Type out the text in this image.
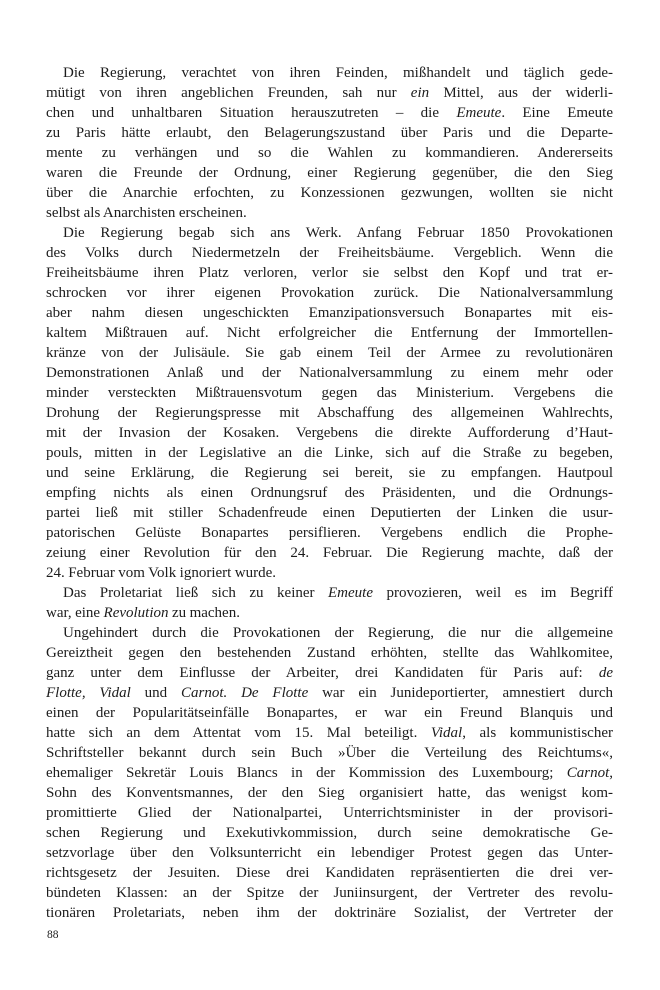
Die Regierung, verachtet von ihren Feinden, mißhandelt und täglich gede-
mütigt von ihren angeblichen Freunden, sah nur ein Mittel, aus der widerli-
chen und unhaltbaren Situation herauszutreten – die Emeute. Eine Emeute
zu Paris hätte erlaubt, den Belagerungszustand über Paris und die Departe-
mente zu verhängen und so die Wahlen zu kommandieren. Andererseits
waren die Freunde der Ordnung, einer Regierung gegenüber, die den Sieg
über die Anarchie erfochten, zu Konzessionen gezwungen, wollten sie nicht
selbst als Anarchisten erscheinen.
Die Regierung begab sich ans Werk. Anfang Februar 1850 Provokationen
des Volks durch Niedermetzeln der Freiheitsbäume. Vergeblich. Wenn die
Freiheitsbäume ihren Platz verloren, verlor sie selbst den Kopf und trat er-
schrocken vor ihrer eigenen Provokation zurück. Die Nationalversammlung
aber nahm diesen ungeschickten Emanzipationsversuch Bonapartes mit eis-
kaltem Mißtrauen auf. Nicht erfolgreicher die Entfernung der Immortellen-
kränze von der Julisäule. Sie gab einem Teil der Armee zu revolutionären
Demonstrationen Anlaß und der Nationalversammlung zu einem mehr oder
minder versteckten Mißtrauensvotum gegen das Ministerium. Vergebens die
Drohung der Regierungspresse mit Abschaffung des allgemeinen Wahlrechts,
mit der Invasion der Kosaken. Vergebens die direkte Aufforderung d’Haut-
pouls, mitten in der Legislative an die Linke, sich auf die Straße zu begeben,
und seine Erklärung, die Regierung sei bereit, sie zu empfangen. Hautpoul
empfing nichts als einen Ordnungsruf des Präsidenten, und die Ordnungs-
partei ließ mit stiller Schadenfreude einen Deputierten der Linken die usur-
patorischen Gelüste Bonapartes persiflieren. Vergebens endlich die Prophe-
zeiung einer Revolution für den 24. Februar. Die Regierung machte, daß der
24. Februar vom Volk ignoriert wurde.
Das Proletariat ließ sich zu keiner Emeute provozieren, weil es im Begriff
war, eine Revolution zu machen.
Ungehindert durch die Provokationen der Regierung, die nur die allgemeine
Gereiztheit gegen den bestehenden Zustand erhöhten, stellte das Wahlkomitee,
ganz unter dem Einflusse der Arbeiter, drei Kandidaten für Paris auf: de
Flotte, Vidal und Carnot. De Flotte war ein Junideportierter, amnestiert durch
einen der Popularitätseinfälle Bonapartes, er war ein Freund Blanquis und
hatte sich an dem Attentat vom 15. Mal beteiligt. Vidal, als kommunistischer
Schriftsteller bekannt durch sein Buch »Über die Verteilung des Reichtums«,
ehemaliger Sekretär Louis Blancs in der Kommission des Luxembourg; Carnot,
Sohn des Konventsmannes, der den Sieg organisiert hatte, das wenigst kom-
promittierte Glied der Nationalpartei, Unterrichtsminister in der provisori-
schen Regierung und Exekutivkommission, durch seine demokratische Ge-
setzvorlage über den Volksunterricht ein lebendiger Protest gegen das Unter-
richtsgesetz der Jesuiten. Diese drei Kandidaten repräsentierten die drei ver-
bündeten Klassen: an der Spitze der Juniinsurgent, der Vertreter des revolu-
tionären Proletariats, neben ihm der doktrinäre Sozialist, der Vertreter der
88
